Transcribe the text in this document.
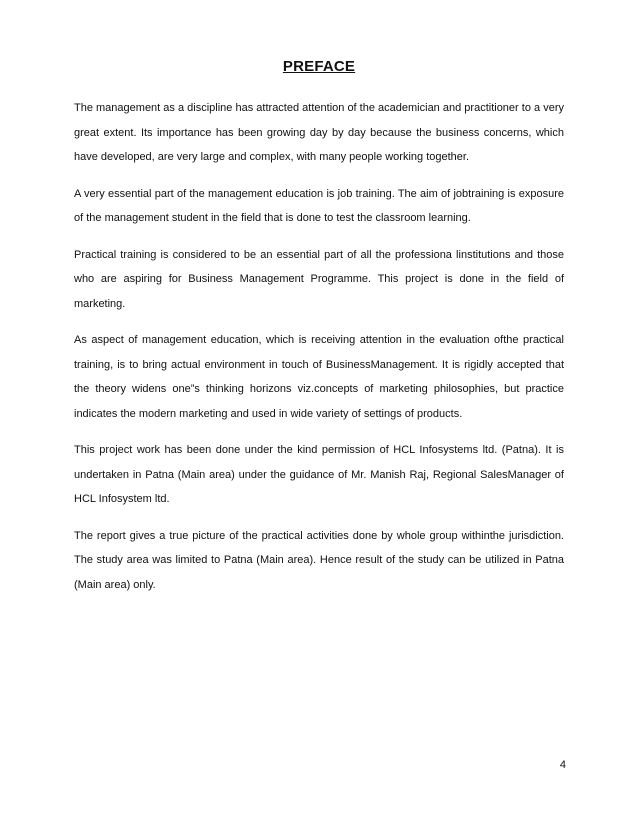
PREFACE

The management as a discipline has attracted attention of the academician and practitioner to a very great extent. Its importance has been growing day by day because the business concerns, which have developed, are very large and complex, with many people working together.

A very essential part of the management education is job training. The aim of jobtraining is exposure of the management student in the field that is done to test the classroom learning.

Practical training is considered to be an essential part of all the professiona linstitutions and those who are aspiring for Business Management Programme. This project is done in the field of marketing.

As aspect of management education, which is receiving attention in the evaluation ofthe practical training, is to bring actual environment in touch of BusinessManagement. It is rigidly accepted that the theory widens one”s thinking horizons viz.concepts of marketing philosophies, but practice indicates the modern marketing and used in wide variety of settings of products.

This project work has been done under the kind permission of HCL Infosystems ltd. (Patna). It is undertaken in Patna (Main area) under the guidance of Mr. Manish Raj, Regional SalesManager of HCL Infosystem ltd.

The report gives a true picture of the practical activities done by whole group withinthe jurisdiction. The study area was limited to Patna (Main area). Hence result of the study can be utilized in Patna (Main area) only.

4
